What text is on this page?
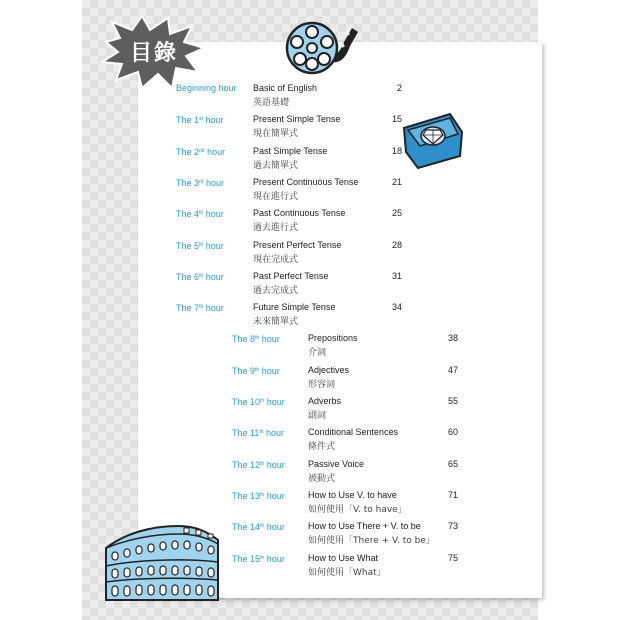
目錄
Beginning hour Basic of English
英語基礎
2
The 1st hour	Present Simple Tense
現在簡單式
15
The 2nd hour	Past Simple Tense
過去簡單式
18
The 3rd hour	Present Continuous Tense
現在進行式
21
The 4th hour	Past Continuous Tense
過去進行式
25
The 5th hour	Present Perfect Tense
現在完成式
28
The 6th hour	Past Perfect Tense
過去完成式
31
The 7th hour	Future Simple Tense
未來簡單式
34
The 8th hour	Prepositions
介詞
38
The 9th hour	Adjectives
形容詞
47
The 10th hour	Adverbs
副詞
55
The 11th hour	Conditional Sentences
條件式
60
The 12th hour	Passive Voice
被動式
65
The 13th hour	How to Use V. to have
如何使用「V. to have」
71
The 14th hour	How to Use There + V. to be
如何使用「There + V. to be」
73
The 15th hour	How to Use What
如何使用「What」
75
